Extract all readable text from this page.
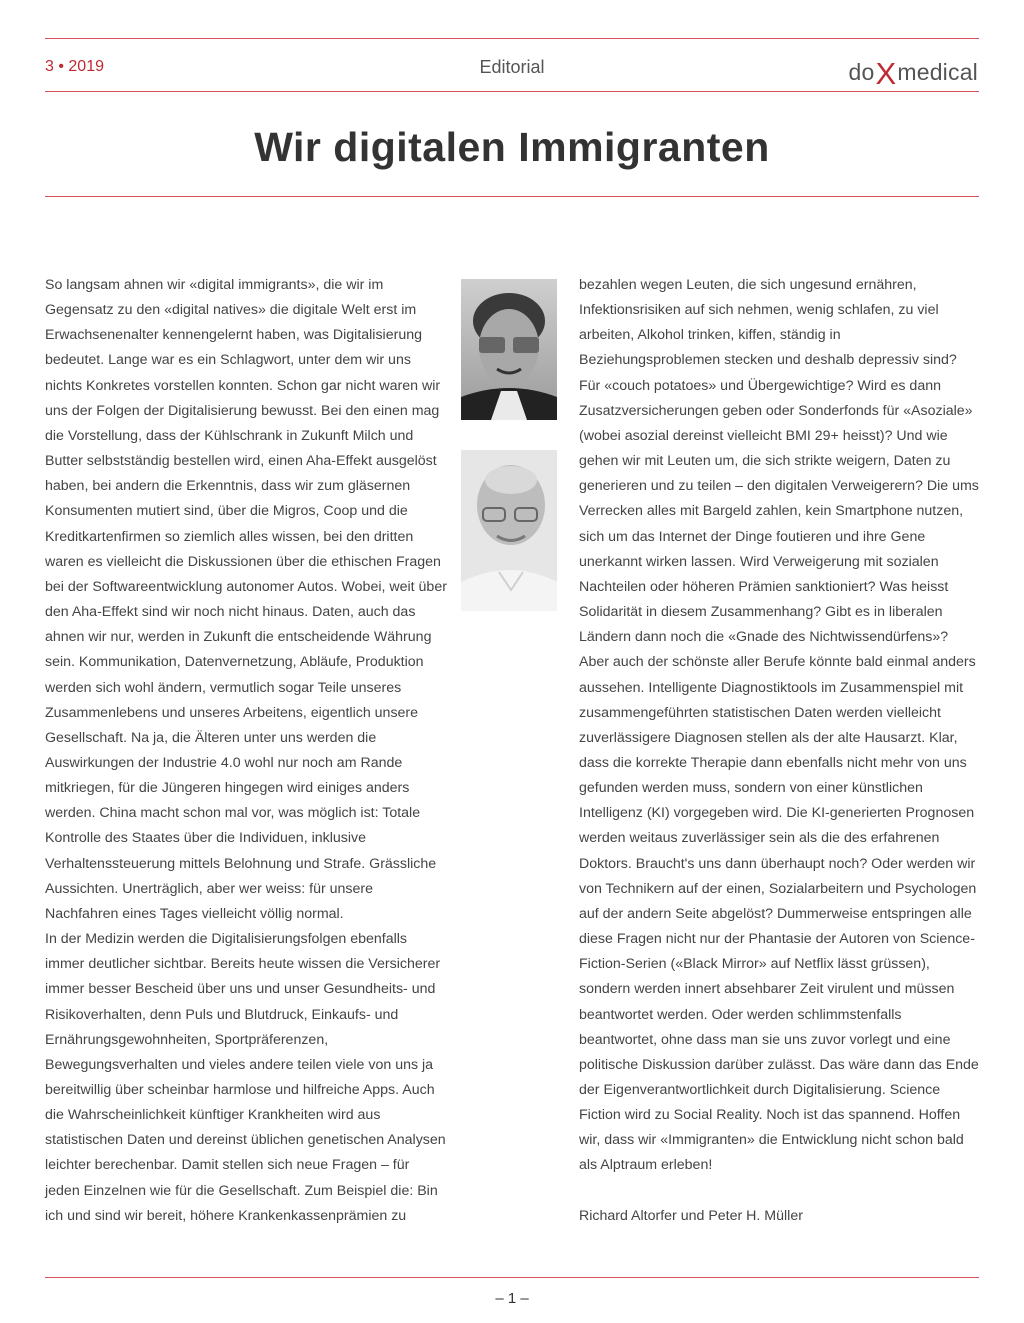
3 • 2019	Editorial	doXmedical
Wir digitalen Immigranten

So langsam ahnen wir «digital immigrants», die wir im Gegensatz zu den «digital natives» die digitale Welt erst im Erwachsenenalter kennengelernt haben, was Digitalisierung bedeutet. Lange war es ein Schlagwort, unter dem wir uns nichts Konkretes vorstellen konnten. Schon gar nicht waren wir uns der Folgen der Digitalisierung bewusst. Bei den einen mag die Vorstellung, dass der Kühlschrank in Zukunft Milch und Butter selbstständig bestellen wird, einen Aha-Effekt ausgelöst haben, bei andern die Erkenntnis, dass wir zum gläsernen Konsumenten mutiert sind, über die Migros, Coop und die Kreditkartenfirmen so ziemlich alles wissen, bei den dritten waren es vielleicht die Diskussionen über die ethischen Fragen bei der Softwareentwicklung autonomer Autos. Wobei, weit über den Aha-Effekt sind wir noch nicht hinaus. Daten, auch das ahnen wir nur, werden in Zukunft die entscheidende Währung sein. Kommunikation, Datenvernetzung, Abläufe, Produktion werden sich wohl ändern, vermutlich sogar Teile unseres Zusammenlebens und unseres Arbeitens, eigentlich unsere Gesellschaft. Na ja, die Älteren unter uns werden die Auswirkungen der Industrie 4.0 wohl nur noch am Rande mitkriegen, für die Jüngeren hingegen wird einiges anders werden. China macht schon mal vor, was möglich ist: Totale Kontrolle des Staates über die Individuen, inklusive Verhaltenssteuerung mittels Belohnung und Strafe. Grässliche Aussichten. Unerträglich, aber wer weiss: für unsere Nachfahren eines Tages vielleicht völlig normal.

In der Medizin werden die Digitalisierungsfolgen ebenfalls immer deutlicher sichtbar. Bereits heute wissen die Versicherer immer besser Bescheid über uns und unser Gesundheits- und Risikoverhalten, denn Puls und Blutdruck, Einkaufs- und Ernährungsgewohnheiten, Sportpräferenzen, Bewegungsverhalten und vieles andere teilen viele von uns ja bereitwillig über scheinbar harmlose und hilfreiche Apps. Auch die Wahrscheinlichkeit künftiger Krankheiten wird aus statistischen Daten und dereinst üblichen genetischen Analysen leichter berechenbar. Damit stellen sich neue Fragen – für jeden Einzelnen wie für die Gesellschaft. Zum Beispiel die: Bin ich und sind wir bereit, höhere Krankenkassenprämien zu

bezahlen wegen Leuten, die sich ungesund ernähren, Infektionsrisiken auf sich nehmen, wenig schlafen, zu viel arbeiten, Alkohol trinken, kiffen, ständig in Beziehungsproblemen stecken und deshalb depressiv sind? Für «couch potatoes» und Übergewichtige? Wird es dann Zusatzversicherungen geben oder Sonderfonds für «Asoziale» (wobei asozial dereinst vielleicht BMI 29+ heisst)? Und wie gehen wir mit Leuten um, die sich strikte weigern, Daten zu generieren und zu teilen – den digitalen Verweigerern? Die ums Verrecken alles mit Bargeld zahlen, kein Smartphone nutzen, sich um das Internet der Dinge foutieren und ihre Gene unerkannt wirken lassen. Wird Verweigerung mit sozialen Nachteilen oder höheren Prämien sanktioniert? Was heisst Solidarität in diesem Zusammenhang? Gibt es in liberalen Ländern dann noch die «Gnade des Nichtwissendürfens»?

Aber auch der schönste aller Berufe könnte bald einmal anders aussehen. Intelligente Diagnostiktools im Zusammenspiel mit zusammengeführten statistischen Daten werden vielleicht zuverlässigere Diagnosen stellen als der alte Hausarzt. Klar, dass die korrekte Therapie dann ebenfalls nicht mehr von uns gefunden werden muss, sondern von einer künstlichen Intelligenz (KI) vorgegeben wird. Die KI-generierten Prognosen werden weitaus zuverlässiger sein als die des erfahrenen Doktors. Braucht's uns dann überhaupt noch? Oder werden wir von Technikern auf der einen, Sozialarbeitern und Psychologen auf der andern Seite abgelöst? Dummerweise entspringen alle diese Fragen nicht nur der Phantasie der Autoren von Science-Fiction-Serien («Black Mirror» auf Netflix lässt grüssen), sondern werden innert absehbarer Zeit virulent und müssen beantwortet werden. Oder werden schlimmstenfalls beantwortet, ohne dass man sie uns zuvor vorlegt und eine politische Diskussion darüber zulässt. Das wäre dann das Ende der Eigenverantwortlichkeit durch Digitalisierung. Science Fiction wird zu Social Reality. Noch ist das spannend. Hoffen wir, dass wir «Immigranten» die Entwicklung nicht schon bald als Alptraum erleben!

Richard Altorfer und Peter H. Müller

– 1 –
